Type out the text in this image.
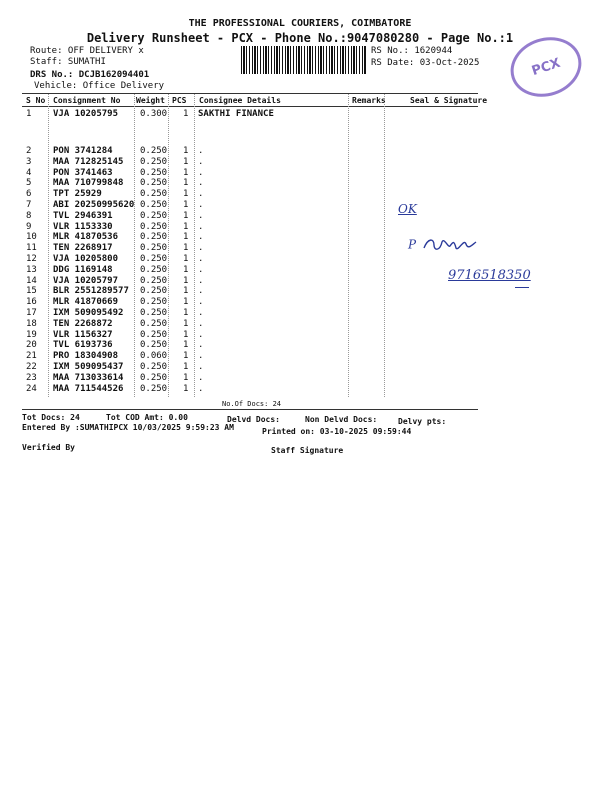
THE PROFESSIONAL COURIERS, COIMBATORE
Delivery Runsheet - PCX - Phone No.:9047080280 - Page No.:1
Route: OFF DELIVERY x
Staff: SUMATHI
DRS No.: DCJB162094401
Vehicle: Office Delivery
RS No.: 1620944
RS Date: 03-Oct-2025	PCX
S No Consignment No Weight PCS Consignee Details	Remarks	Seal & Signature
1 VJA 10205795 0.300 1 SAKTHI FINANCE
2 PON 3741284	0.250 1 .
3 MAA 712825145 0.250 1 .
4 PON 3741463	0.250 1 .
5 MAA 710799848 0.250 1 .
6 TPT 25929	0.250 1 .
7 ABI 20250995620 0.250 1 .
8 TVL 2946391	0.250 1 .
9 VLR 1153330	0.250 1 .
10 MLR 41870536 0.250 1 .
11 TEN 2268917	0.250 1 .
12 VJA 10205800 0.250 1 .
13 DDG 1169148	0.250 1 .
14 VJA 10205797 0.250 1 .
15 BLR 2551289577 0.250 1 .
16 MLR 41870669 0.250 1 .
17 IXM 509095492 0.250 1 .
18 TEN 2268872	0.250 1 .
19 VLR 1156327	0.250 1 .
20 TVL 6193736	0.250 1 .
21 PRO 18304908 0.060 1 .
22 IXM 509095437 0.250 1 .
23 MAA 713033614 0.250 1 .
24 MAA 711544526 0.250 1 .
No.Of Docs: 24
OK
P
9716518350
Tot Docs: 24	Tot COD Amt: 0.00	Delvd Docs:	Non Delvd Docs:	Delvy pts:
Entered By :SUMATHIPCX 10/03/2025 9:59:23 AM	Printed on: 03-10-2025 09:59:44
Verified By	Staff Signature
